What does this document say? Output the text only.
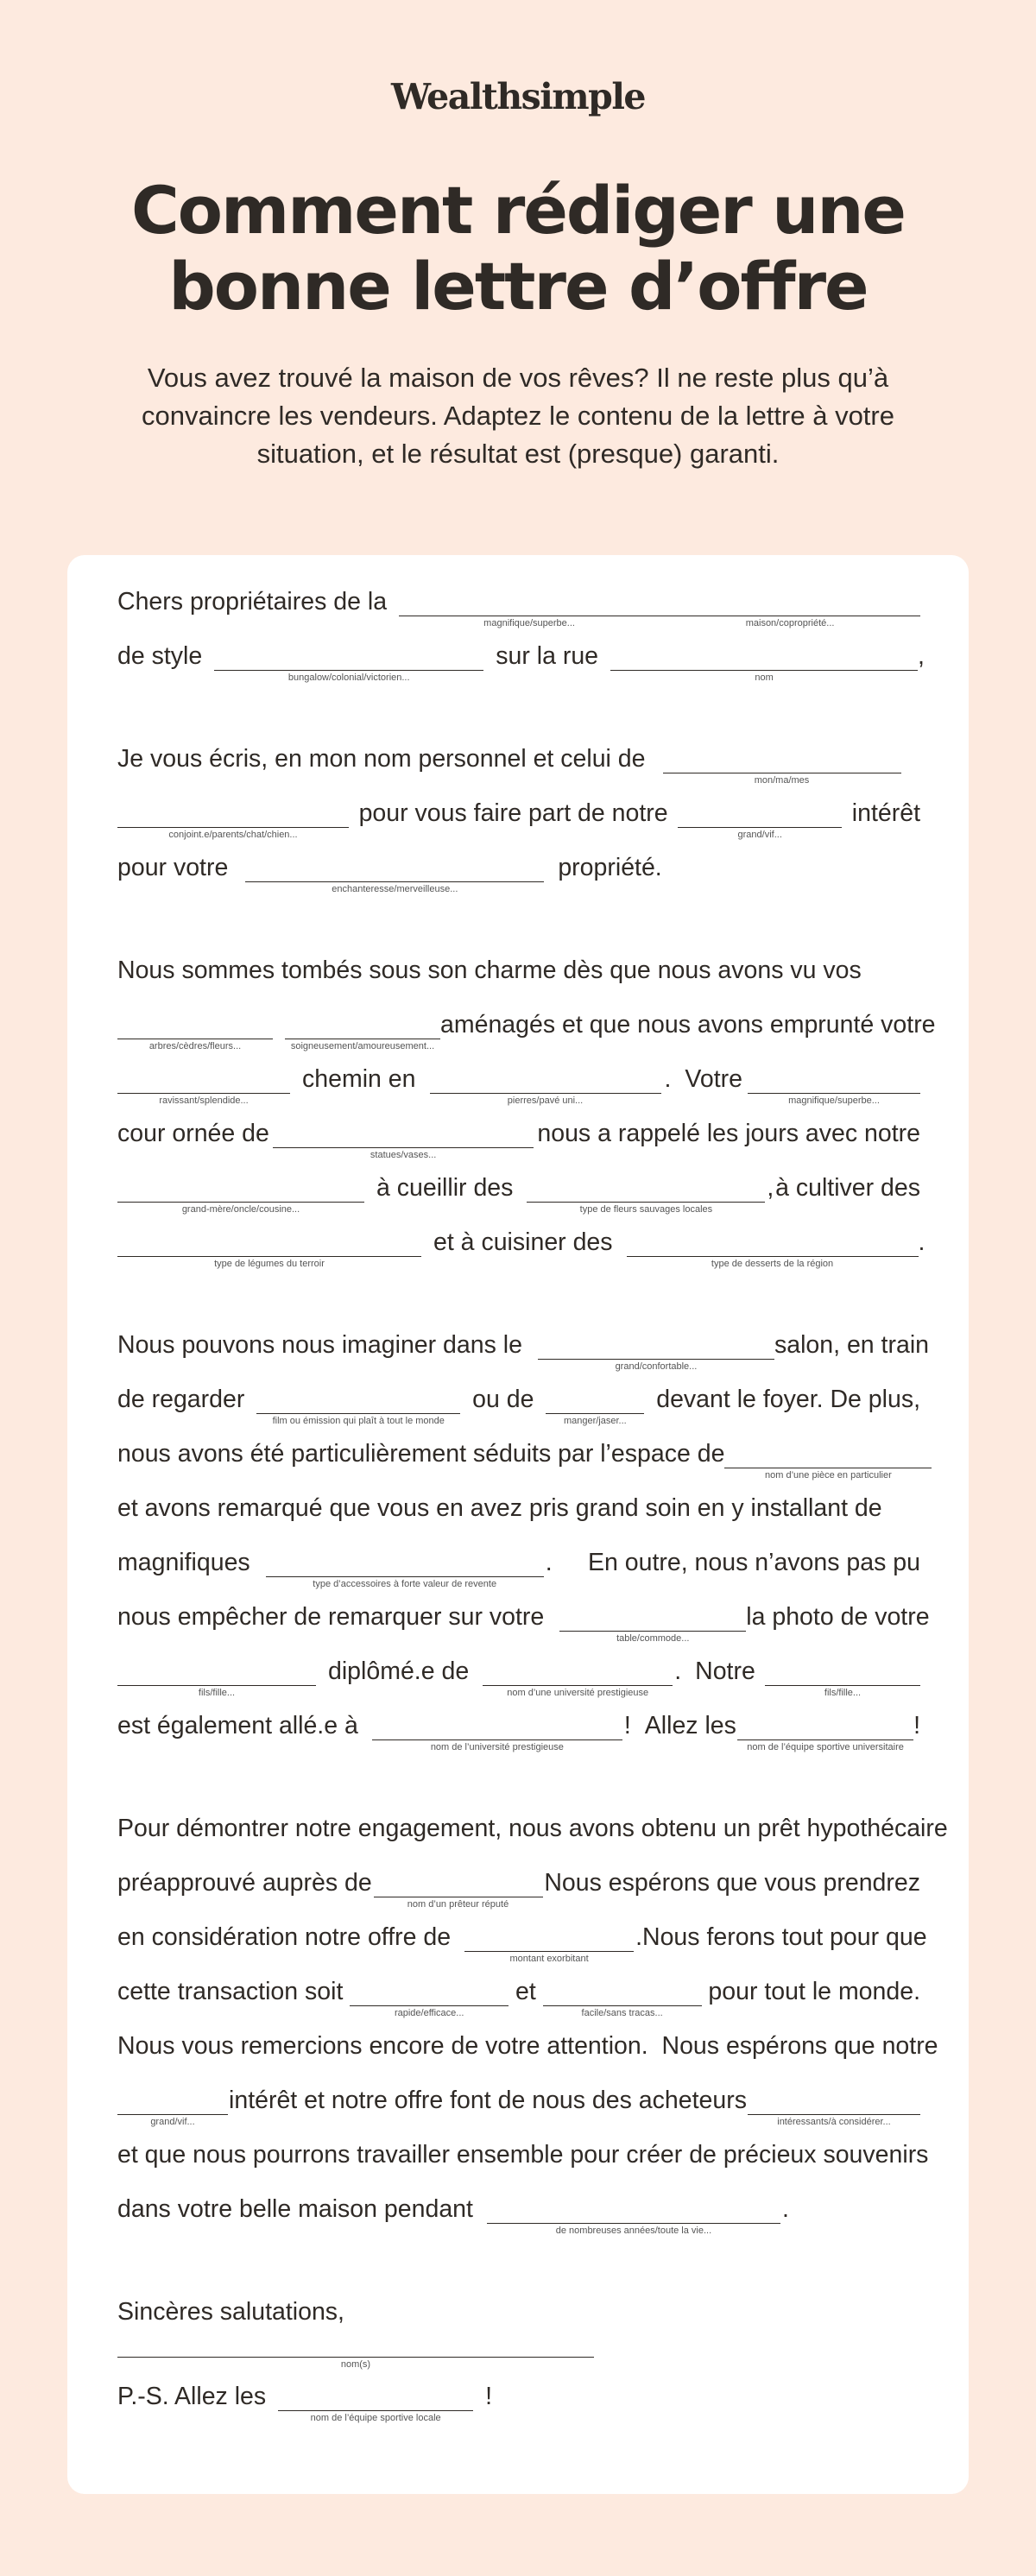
Wealthsimple
Comment rédiger une
bonne lettre d’offre
Vous avez trouvé la maison de vos rêves? Il ne reste plus qu’à convaincre les vendeurs. Adaptez le contenu de la lettre à votre situation, et le résultat est (presque) garanti.
Chers propriétaires de la
magnifique/superbe...	maison/copropriété...
de style
bungalow/colonial/victorien...
sur la rue
nom
,
Je vous écris, en mon nom personnel et celui de
mon/ma/mes
conjoint.e/parents/chat/chien...
pour vous faire part de notre
grand/vif...
intérêt
pour votre
enchanteresse/merveilleuse...
propriété.
Nous sommes tombés sous son charme dès que nous avons vu vos
arbres/cèdres/fleurs...	soigneusement/amoureusement...
aménagés et que nous avons emprunté votre
ravissant/splendide...
chemin en
pierres/pavé uni...
. Votre
magnifique/superbe...
cour ornée de
statues/vases...
nous a rappelé les jours avec notre
grand-mère/oncle/cousine...
à cueillir des
type de fleurs sauvages locales
, à cultiver des
type de légumes du terroir
et à cuisiner des
type de desserts de la région
.
Nous pouvons nous imaginer dans le
grand/confortable...
salon, en train
de regarder
film ou émission qui plaît à tout le monde
ou de
manger/jaser...
devant le foyer. De plus,
nous avons été particulièrement séduits par l’espace de
nom d’une pièce en particulier
et avons remarqué que vous en avez pris grand soin en y installant de
magnifiques
type d’accessoires à forte valeur de revente
. En outre, nous n’avons pas pu
nous empêcher de remarquer sur votre
table/commode...
la photo de votre
fils/fille...
diplômé.e de
nom d’une université prestigieuse
. Notre
fils/fille...
est également allé.e à
nom de l’université prestigieuse
! Allez les
nom de l’équipe sportive universitaire
!
Pour démontrer notre engagement, nous avons obtenu un prêt hypothécaire
préapprouvé auprès de
nom d’un prêteur réputé
Nous espérons que vous prendrez
en considération notre offre de
montant exorbitant
. Nous ferons tout pour que
cette transaction soit
rapide/efficace...
et
facile/sans tracas...
pour tout le monde.
Nous vous remercions encore de votre attention.  Nous espérons que notre
grand/vif...
intérêt et notre offre font de nous des acheteurs
intéressants/à considérer...
et que nous pourrons travailler ensemble pour créer de précieux souvenirs
dans votre belle maison pendant
de nombreuses années/toute la vie...
.
Sincères salutations,
nom(s)
P.-S. Allez les
nom de l’équipe sportive locale
!
